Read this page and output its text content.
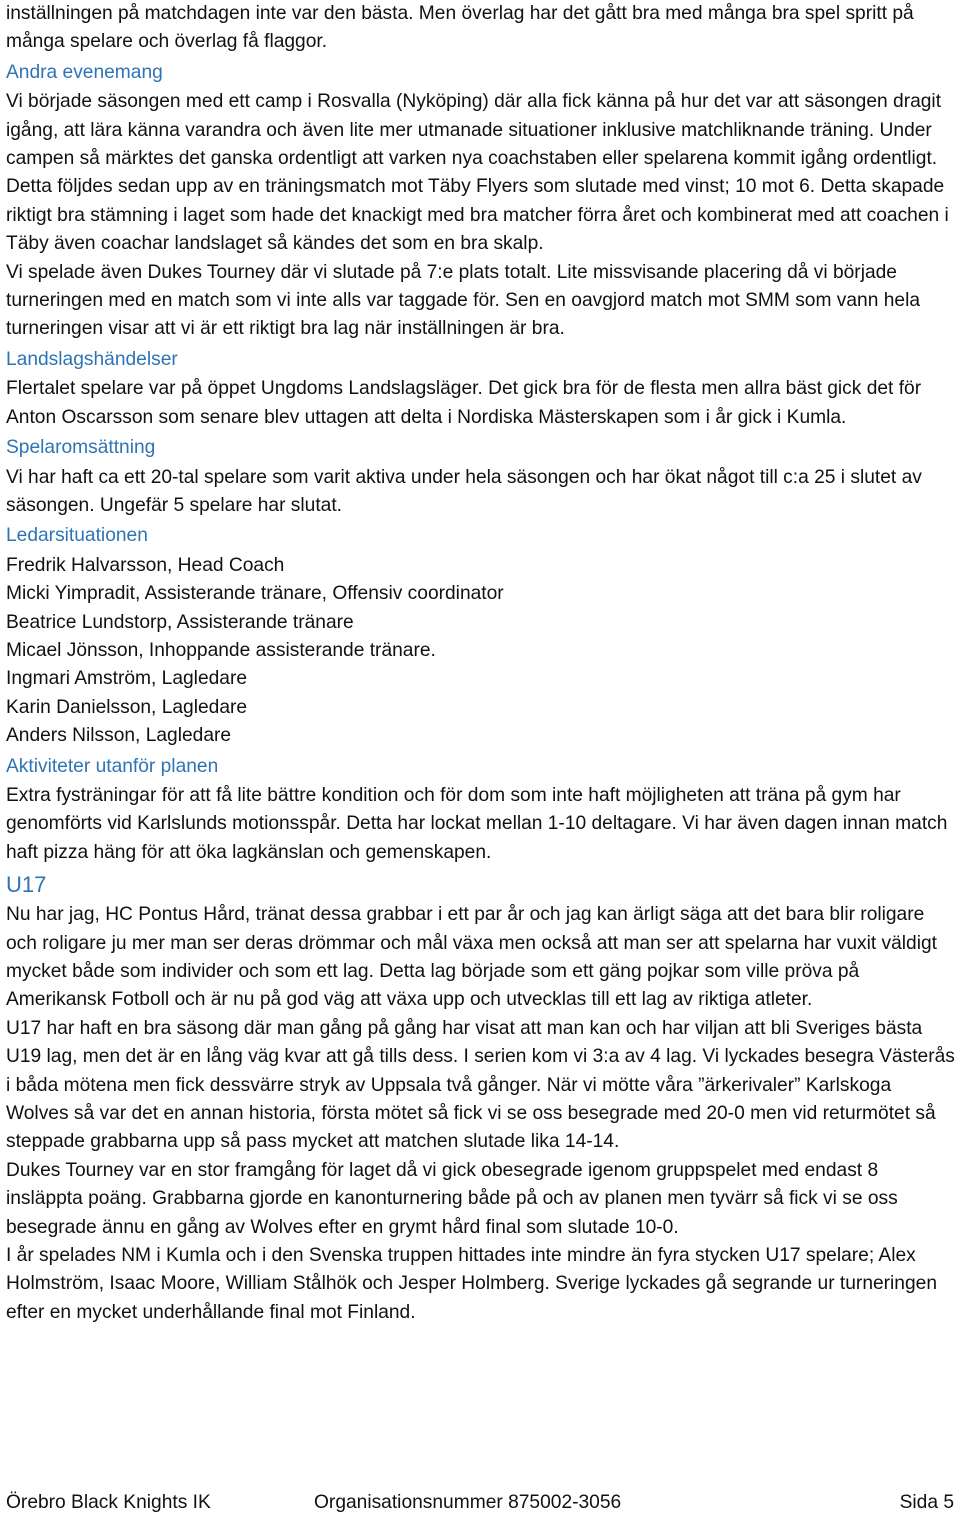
inställningen på matchdagen inte var den bästa. Men överlag har det gått bra med många bra spel spritt på många spelare och överlag få flaggor.

Andra evenemang

Vi började säsongen med ett camp i Rosvalla (Nyköping) där alla fick känna på hur det var att säsongen dragit igång, att lära känna varandra och även lite mer utmanade situationer inklusive matchliknande träning. Under campen så märktes det ganska ordentligt att varken nya coachstaben eller spelarena kommit igång ordentligt.

Detta följdes sedan upp av en träningsmatch mot Täby Flyers som slutade med vinst; 10 mot 6. Detta skapade riktigt bra stämning i laget som hade det knackigt med bra matcher förra året och kombinerat med att coachen i Täby även coachar landslaget så kändes det som en bra skalp.

Vi spelade även Dukes Tourney där vi slutade på 7:e plats totalt. Lite missvisande placering då vi började turneringen med en match som vi inte alls var taggade för. Sen en oavgjord match mot SMM som vann hela turneringen visar att vi är ett riktigt bra lag när inställningen är bra.

Landslagshändelser

Flertalet spelare var på öppet Ungdoms Landslagsläger. Det gick bra för de flesta men allra bäst gick det för Anton Oscarsson som senare blev uttagen att delta i Nordiska Mästerskapen som i år gick i Kumla.

Spelaromsättning

Vi har haft ca ett 20-tal spelare som varit aktiva under hela säsongen och har ökat något till c:a 25 i slutet av säsongen. Ungefär 5 spelare har slutat.

Ledarsituationen

Fredrik Halvarsson, Head Coach

Micki Yimpradit, Assisterande tränare, Offensiv coordinator

Beatrice Lundstorp, Assisterande tränare

Micael Jönsson, Inhoppande assisterande tränare.

Ingmari Amström, Lagledare

Karin Danielsson, Lagledare

Anders Nilsson, Lagledare

Aktiviteter utanför planen

Extra fysträningar för att få lite bättre kondition och för dom som inte haft möjligheten att träna på gym har genomförts vid Karlslunds motionsspår. Detta har lockat mellan 1-10 deltagare. Vi har även dagen innan match haft pizza häng för att öka lagkänslan och gemenskapen.

U17

Nu har jag, HC Pontus Hård, tränat dessa grabbar i ett par år och jag kan ärligt säga att det bara blir roligare och roligare ju mer man ser deras drömmar och mål växa men också att man ser att spelarna har vuxit väldigt mycket både som individer och som ett lag. Detta lag började som ett gäng pojkar som ville pröva på Amerikansk Fotboll och är nu på god väg att växa upp och utvecklas till ett lag av riktiga atleter.

U17 har haft en bra säsong där man gång på gång har visat att man kan och har viljan att bli Sveriges bästa U19 lag, men det är en lång väg kvar att gå tills dess. I serien kom vi 3:a av 4 lag. Vi lyckades besegra Västerås i båda mötena men fick dessvärre stryk av Uppsala två gånger. När vi mötte våra ”ärkerivaler” Karlskoga Wolves så var det en annan historia, första mötet så fick vi se oss besegrade med 20-0 men vid returmötet så steppade grabbarna upp så pass mycket att matchen slutade lika 14-14.

Dukes Tourney var en stor framgång för laget då vi gick obesegrade igenom gruppspelet med endast 8 insläppta poäng. Grabbarna gjorde en kanonturnering både på och av planen men tyvärr så fick vi se oss besegrade ännu en gång av Wolves efter en grymt hård final som slutade 10-0.

I år spelades NM i Kumla och i den Svenska truppen hittades inte mindre än fyra stycken U17 spelare; Alex Holmström, Isaac Moore, William Stålhök och Jesper Holmberg. Sverige lyckades gå segrande ur turneringen efter en mycket underhållande final mot Finland.

Örebro Black Knights IK	Organisationsnummer 875002-3056	Sida 5
